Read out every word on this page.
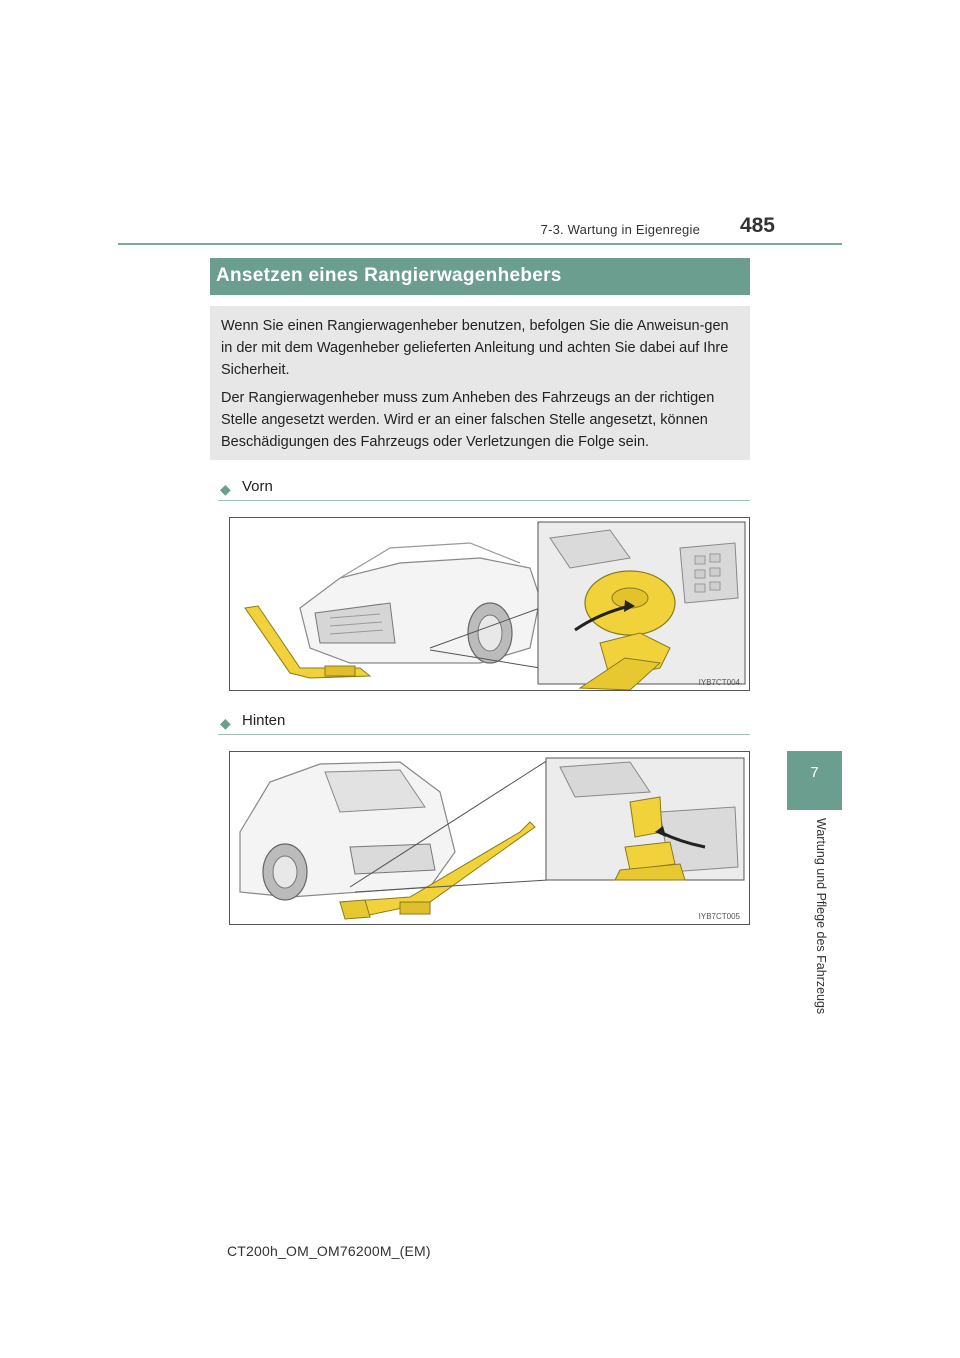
7-3. Wartung in Eigenregie	485
7
Wartung und Pflege des Fahrzeugs
Ansetzen eines Rangierwagenhebers

Wenn Sie einen Rangierwagenheber benutzen, befolgen Sie die Anweisun-gen in der mit dem Wagenheber gelieferten Anleitung und achten Sie dabei auf Ihre Sicherheit.

Der Rangierwagenheber muss zum Anheben des Fahrzeugs an der richtigen Stelle angesetzt werden. Wird er an einer falschen Stelle angesetzt, können Beschädigungen des Fahrzeugs oder Verletzungen die Folge sein.

◆ Vorn
IYB7CT004
◆ Hinten
IYB7CT005
CT200h_OM_OM76200M_(EM)
